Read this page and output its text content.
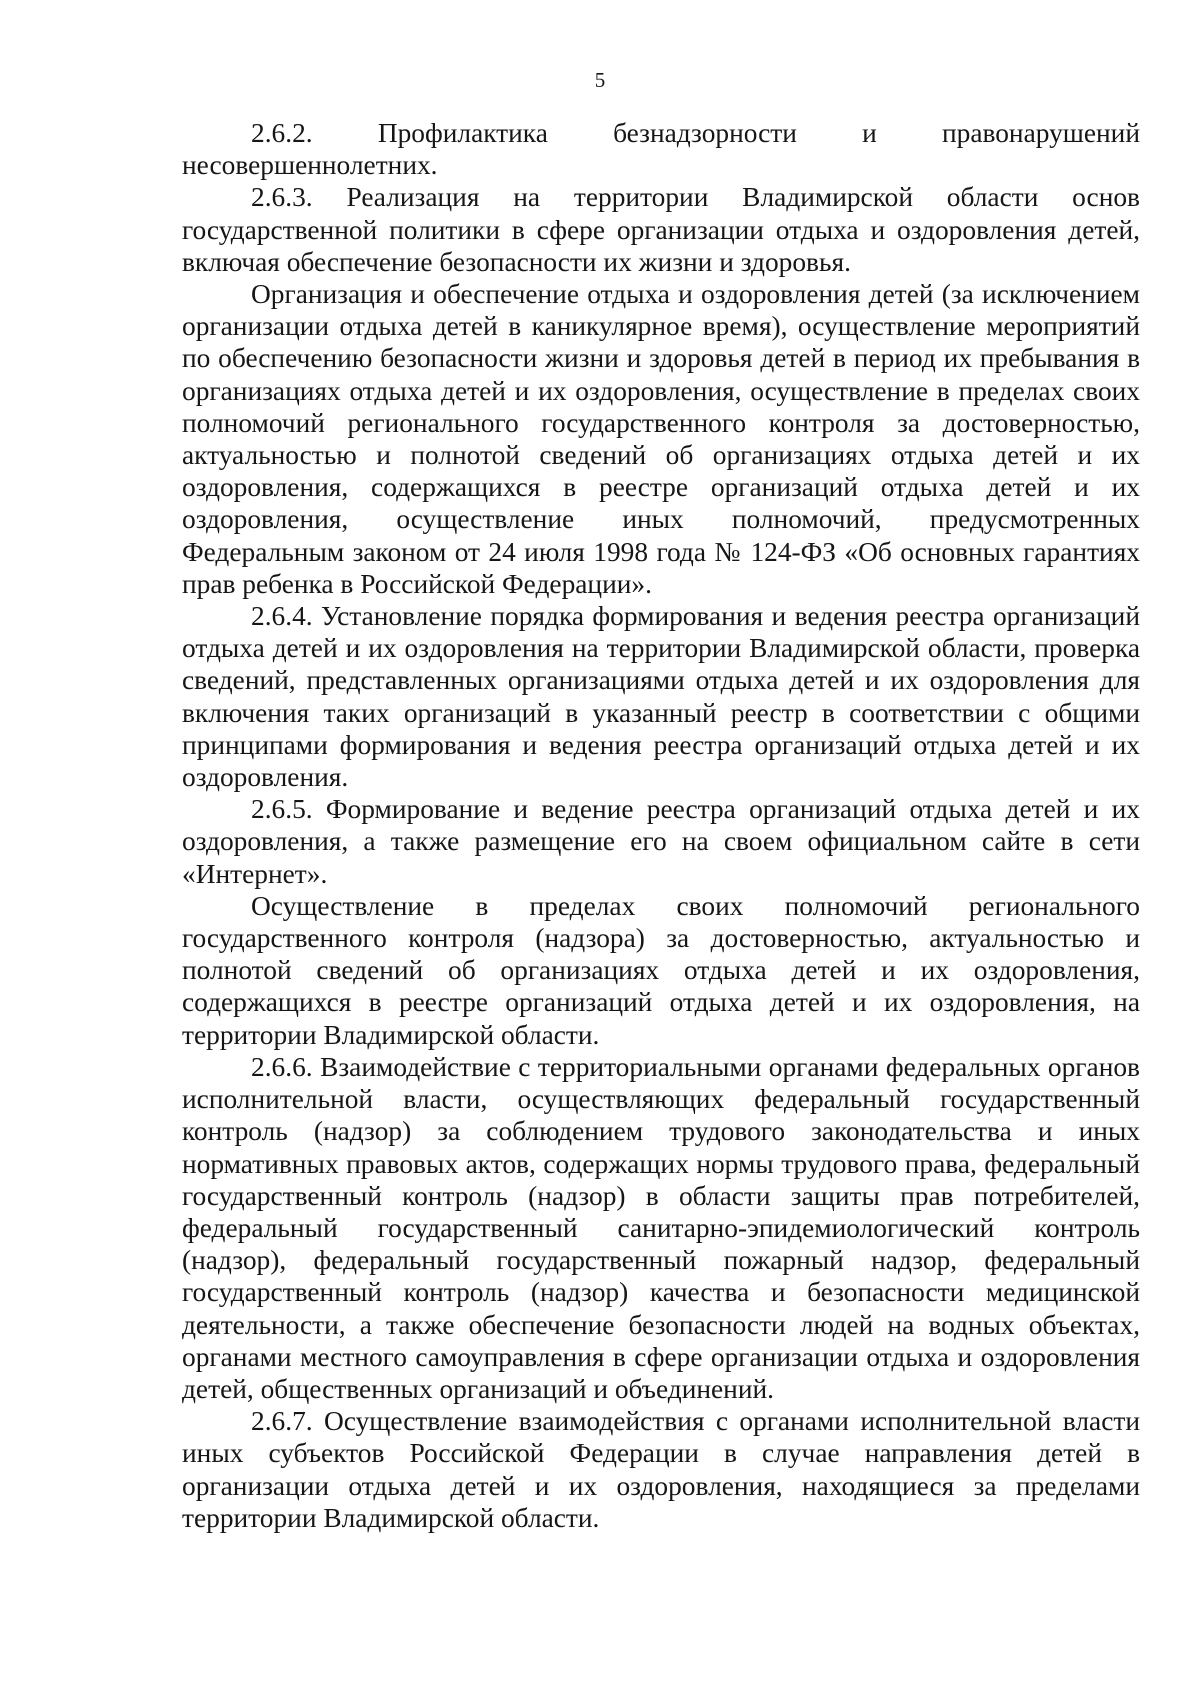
5

2.6.2. Профилактика безнадзорности и правонарушений несовершеннолетних.

2.6.3. Реализация на территории Владимирской области основ государственной политики в сфере организации отдыха и оздоровления детей, включая обеспечение безопасности их жизни и здоровья.

Организация и обеспечение отдыха и оздоровления детей (за исключением организации отдыха детей в каникулярное время), осуществление мероприятий по обеспечению безопасности жизни и здоровья детей в период их пребывания в организациях отдыха детей и их оздоровления, осуществление в пределах своих полномочий регионального государственного контроля за достоверностью, актуальностью и полнотой сведений об организациях отдыха детей и их оздоровления, содержащихся в реестре организаций отдыха детей и их оздоровления, осуществление иных полномочий, предусмотренных Федеральным законом от 24 июля 1998 года № 124-ФЗ «Об основных гарантиях прав ребенка в Российской Федерации».

2.6.4. Установление порядка формирования и ведения реестра организаций отдыха детей и их оздоровления на территории Владимирской области, проверка сведений, представленных организациями отдыха детей и их оздоровления для включения таких организаций в указанный реестр в соответствии с общими принципами формирования и ведения реестра организаций отдыха детей и их оздоровления.

2.6.5. Формирование и ведение реестра организаций отдыха детей и их оздоровления, а также размещение его на своем официальном сайте в сети «Интернет».

Осуществление в пределах своих полномочий регионального государственного контроля (надзора) за достоверностью, актуальностью и полнотой сведений об организациях отдыха детей и их оздоровления, содержащихся в реестре организаций отдыха детей и их оздоровления, на территории Владимирской области.

2.6.6. Взаимодействие с территориальными органами федеральных органов исполнительной власти, осуществляющих федеральный государственный контроль (надзор) за соблюдением трудового законодательства и иных нормативных правовых актов, содержащих нормы трудового права, федеральный государственный контроль (надзор) в области защиты прав потребителей, федеральный государственный санитарно-эпидемиологический контроль (надзор), федеральный государственный пожарный надзор, федеральный государственный контроль (надзор) качества и безопасности медицинской деятельности, а также обеспечение безопасности людей на водных объектах, органами местного самоуправления в сфере организации отдыха и оздоровления детей, общественных организаций и объединений.

2.6.7. Осуществление взаимодействия с органами исполнительной власти иных субъектов Российской Федерации в случае направления детей в организации отдыха детей и их оздоровления, находящиеся за пределами территории Владимирской области.
